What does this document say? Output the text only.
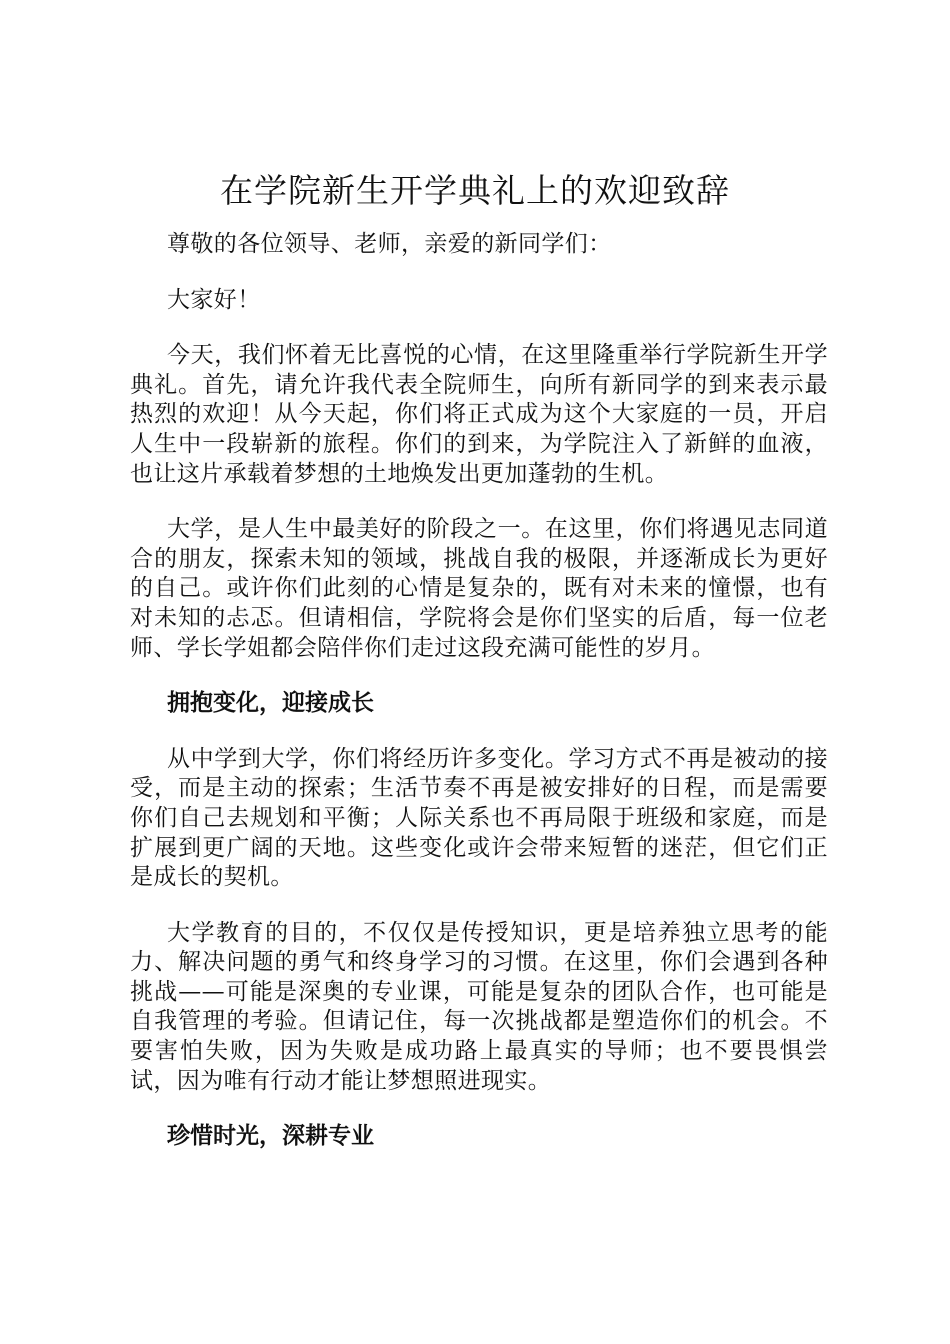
在学院新生开学典礼上的欢迎致辞

尊敬的各位领导、老师，亲爱的新同学们：

大家好！

今天，我们怀着无比喜悦的心情，在这里隆重举行学院新生开学典礼。首先，请允许我代表全院师生，向所有新同学的到来表示最热烈的欢迎！从今天起，你们将正式成为这个大家庭的一员，开启人生中一段崭新的旅程。你们的到来，为学院注入了新鲜的血液，也让这片承载着梦想的土地焕发出更加蓬勃的生机。

大学，是人生中最美好的阶段之一。在这里，你们将遇见志同道合的朋友，探索未知的领域，挑战自我的极限，并逐渐成长为更好的自己。或许你们此刻的心情是复杂的，既有对未来的憧憬，也有对未知的忐忑。但请相信，学院将会是你们坚实的后盾，每一位老师、学长学姐都会陪伴你们走过这段充满可能性的岁月。

拥抱变化，迎接成长

从中学到大学，你们将经历许多变化。学习方式不再是被动的接受，而是主动的探索；生活节奏不再是被安排好的日程，而是需要你们自己去规划和平衡；人际关系也不再局限于班级和家庭，而是扩展到更广阔的天地。这些变化或许会带来短暂的迷茫，但它们正是成长的契机。

大学教育的目的，不仅仅是传授知识，更是培养独立思考的能力、解决问题的勇气和终身学习的习惯。在这里，你们会遇到各种挑战——可能是深奥的专业课，可能是复杂的团队合作，也可能是自我管理的考验。但请记住，每一次挑战都是塑造你们的机会。不要害怕失败，因为失败是成功路上最真实的导师；也不要畏惧尝试，因为唯有行动才能让梦想照进现实。

珍惜时光，深耕专业
